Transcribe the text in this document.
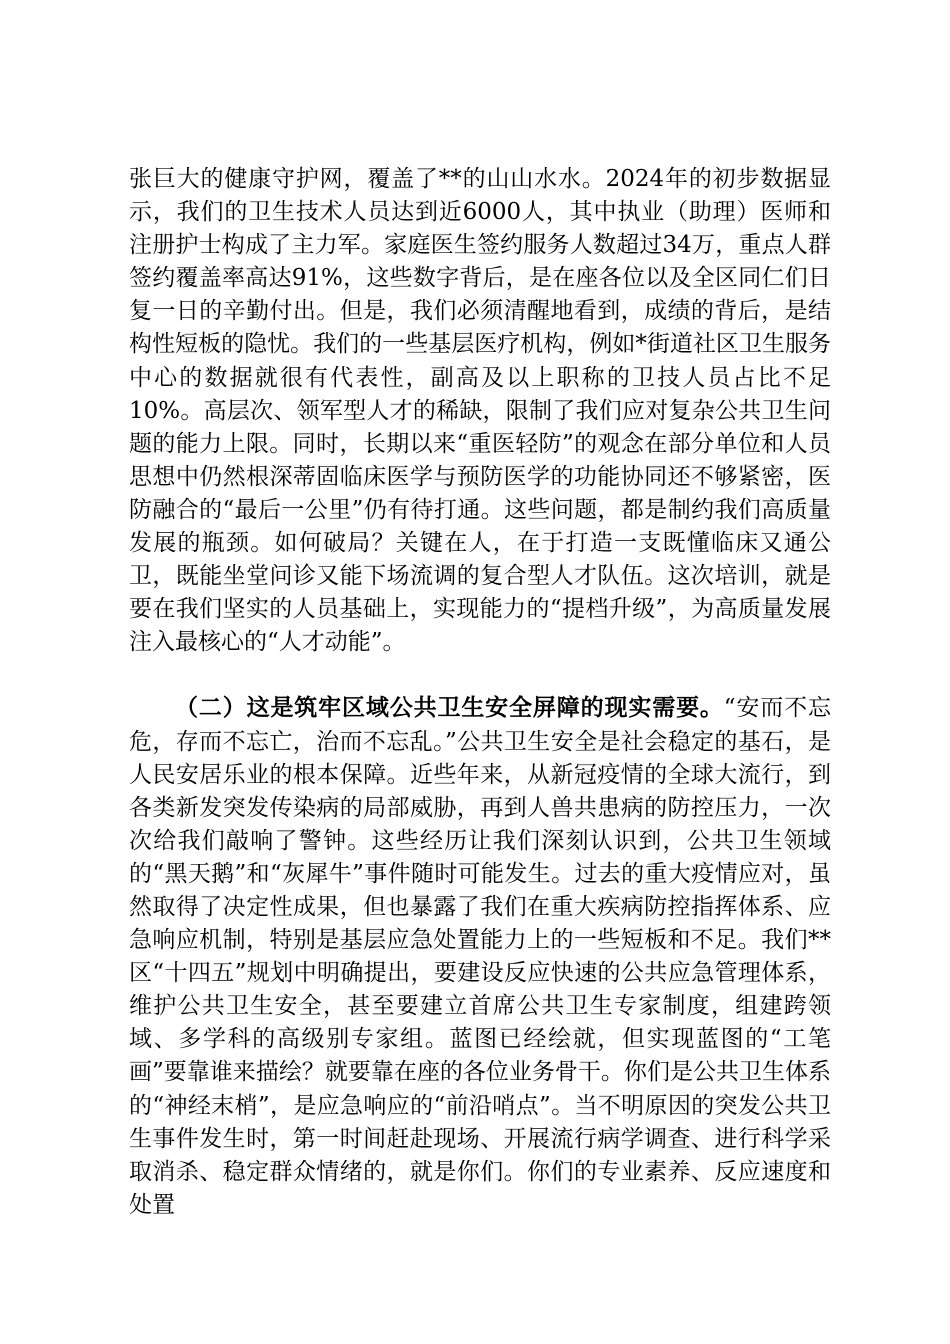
张巨大的健康守护网，覆盖了**的山山水水。2024年的初步数据显示，我们的卫生技术人员达到近6000人，其中执业（助理）医师和注册护士构成了主力军。家庭医生签约服务人数超过34万，重点人群签约覆盖率高达91%，这些数字背后，是在座各位以及全区同仁们日复一日的辛勤付出。但是，我们必须清醒地看到，成绩的背后，是结构性短板的隐忧。我们的一些基层医疗机构，例如*街道社区卫生服务中心的数据就很有代表性，副高及以上职称的卫技人员占比不足10%。高层次、领军型人才的稀缺，限制了我们应对复杂公共卫生问题的能力上限。同时，长期以来“重医轻防”的观念在部分单位和人员思想中仍然根深蒂固临床医学与预防医学的功能协同还不够紧密，医防融合的“最后一公里”仍有待打通。这些问题，都是制约我们高质量发展的瓶颈。如何破局？关键在人，在于打造一支既懂临床又通公卫，既能坐堂问诊又能下场流调的复合型人才队伍。这次培训，就是要在我们坚实的人员基础上，实现能力的“提档升级”，为高质量发展注入最核心的“人才动能”。

（二）这是筑牢区域公共卫生安全屏障的现实需要。“安而不忘危，存而不忘亡，治而不忘乱。”公共卫生安全是社会稳定的基石，是人民安居乐业的根本保障。近些年来，从新冠疫情的全球大流行，到各类新发突发传染病的局部威胁，再到人兽共患病的防控压力，一次次给我们敲响了警钟。这些经历让我们深刻认识到，公共卫生领域的“黑天鹅”和“灰犀牛”事件随时可能发生。过去的重大疫情应对，虽然取得了决定性成果，但也暴露了我们在重大疾病防控指挥体系、应急响应机制，特别是基层应急处置能力上的一些短板和不足。我们**区“十四五”规划中明确提出，要建设反应快速的公共应急管理体系，维护公共卫生安全，甚至要建立首席公共卫生专家制度，组建跨领域、多学科的高级别专家组。蓝图已经绘就，但实现蓝图的“工笔画”要靠谁来描绘？就要靠在座的各位业务骨干。你们是公共卫生体系的“神经末梢”，是应急响应的“前沿哨点”。当不明原因的突发公共卫生事件发生时，第一时间赶赴现场、开展流行病学调查、进行科学采取消杀、稳定群众情绪的，就是你们。你们的专业素养、反应速度和处置
